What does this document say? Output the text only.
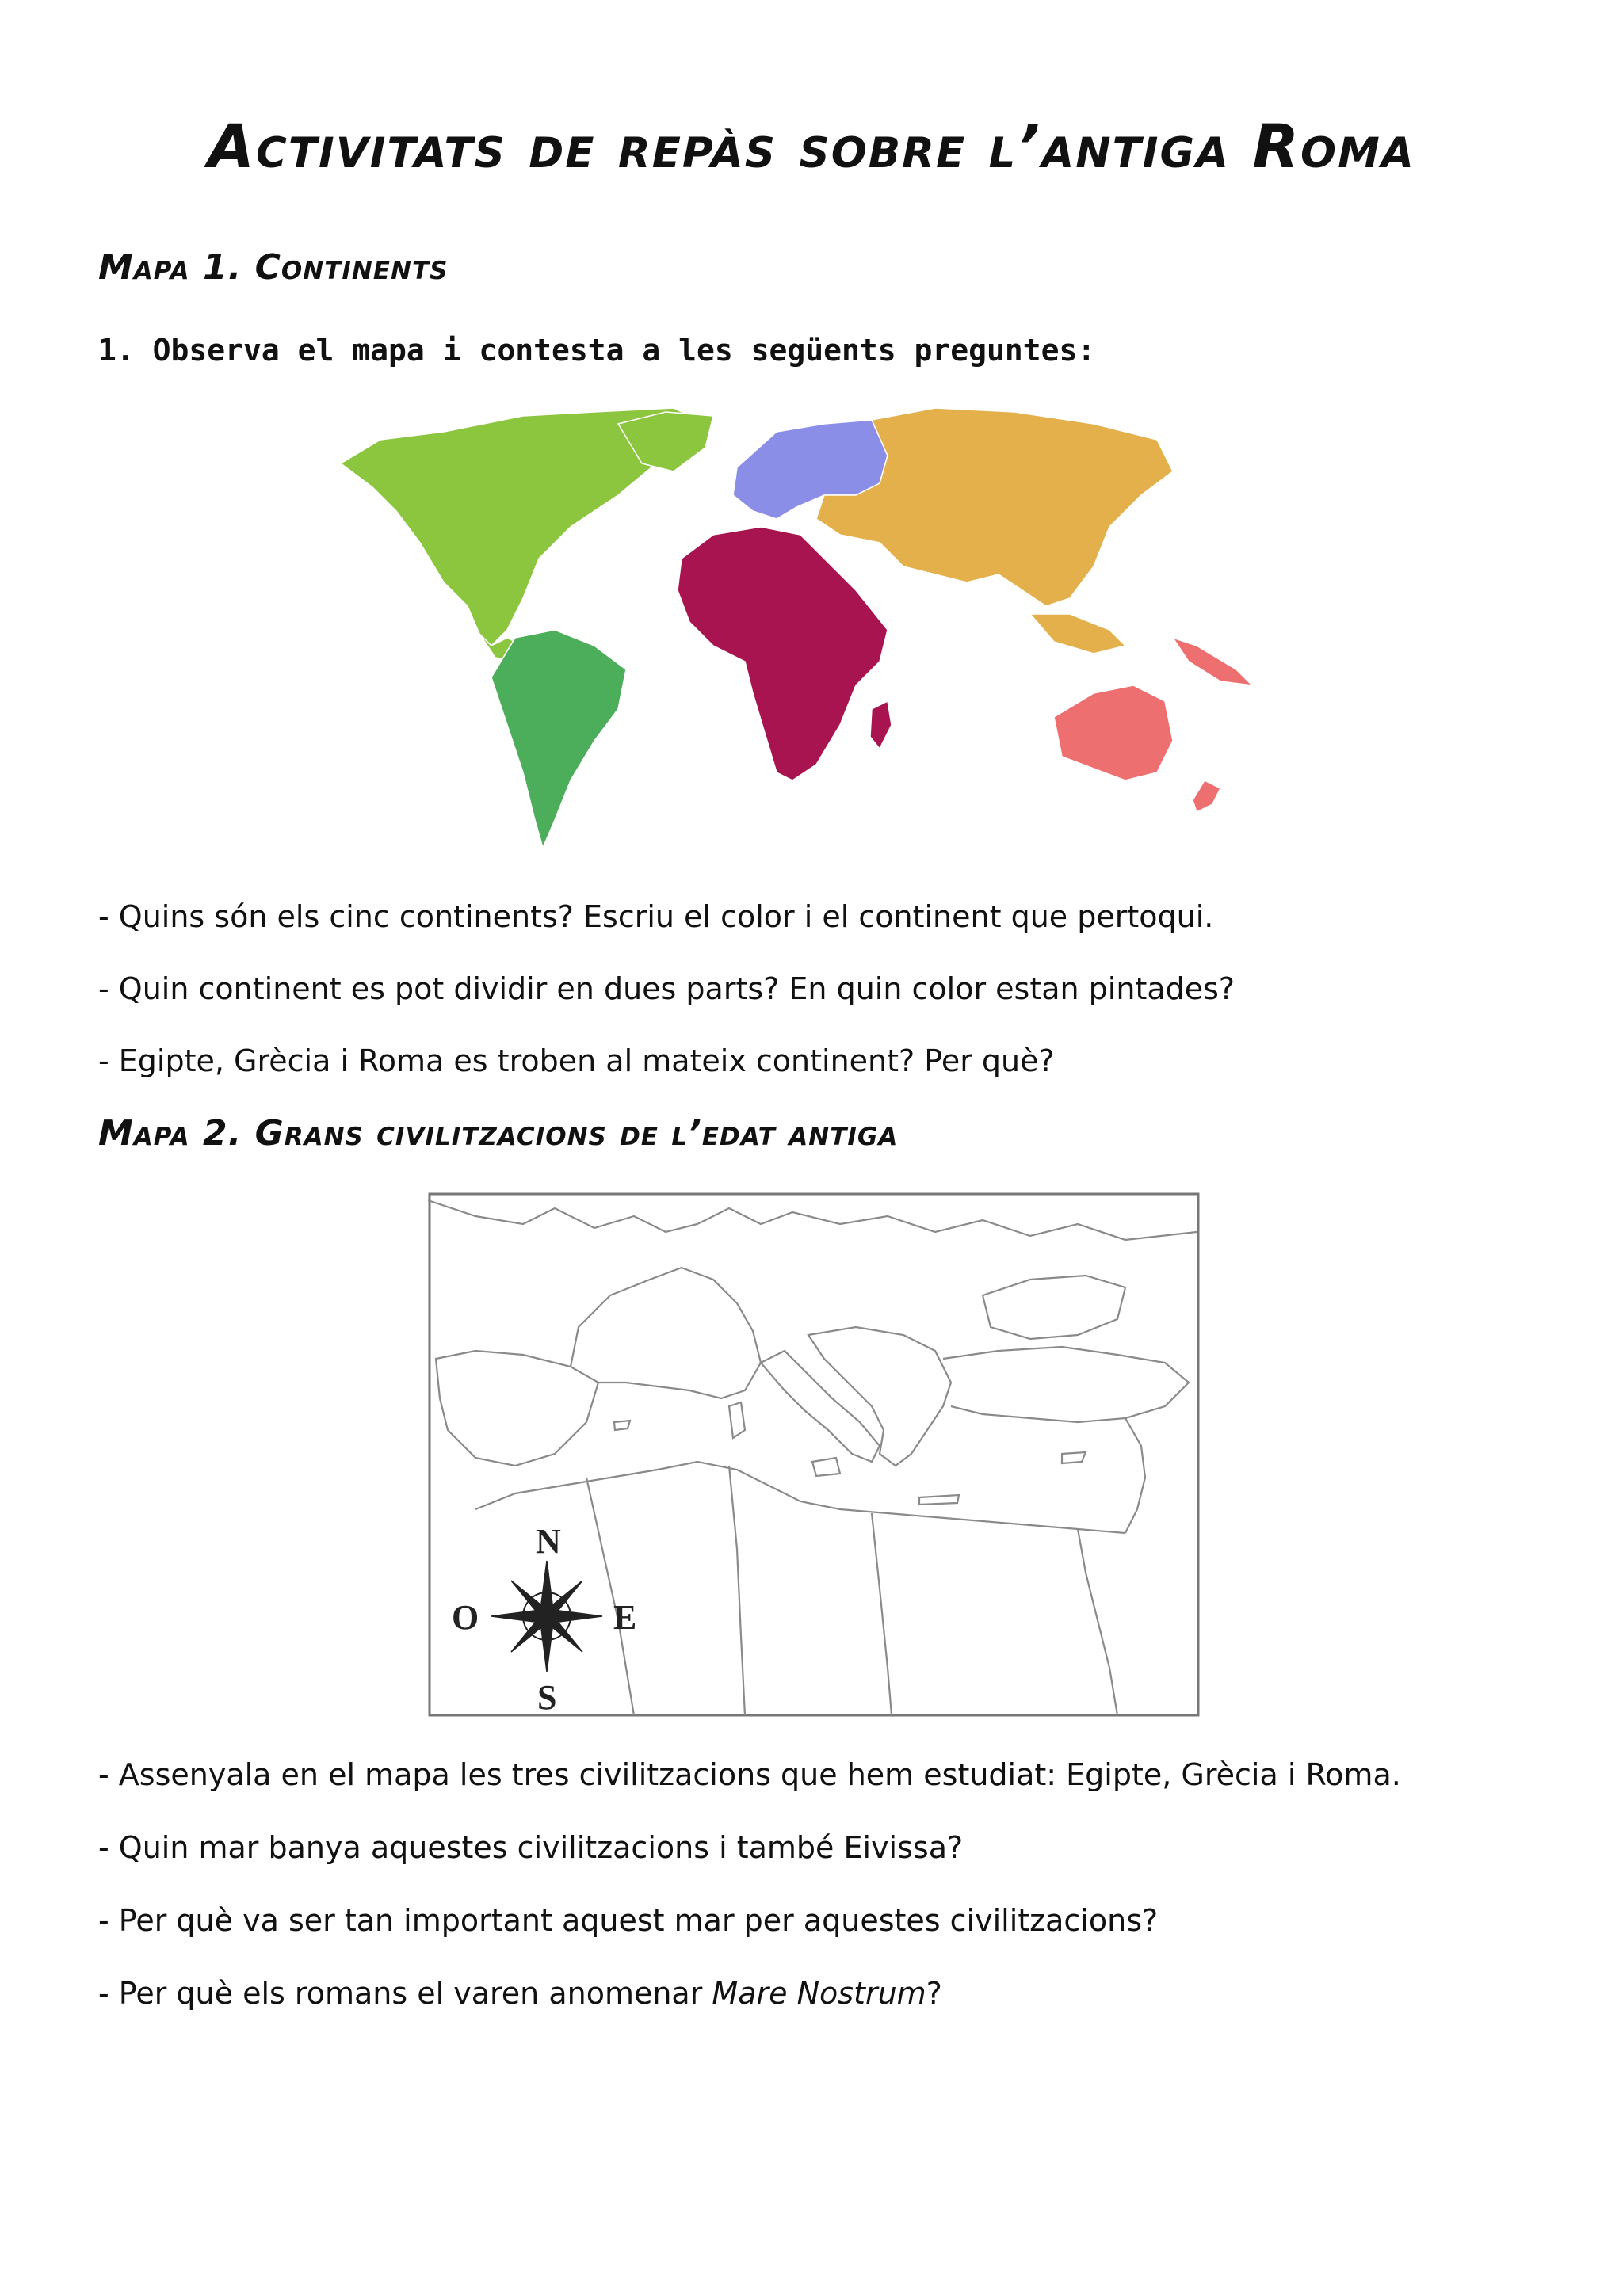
Activitats de repàs sobre l’antiga Roma
Mapa 1. Continents
1. Observa el mapa i contesta a les següents preguntes:
- Quins són els cinc continents? Escriu el color i el continent que pertoqui.
- Quin continent es pot dividir en dues parts? En quin color estan pintades?
- Egipte, Grècia i Roma es troben al mateix continent? Per què?
Mapa 2. Grans civilitzacions de l’edat antiga
N
S
E
O
- Assenyala en el mapa les tres civilitzacions que hem estudiat: Egipte, Grècia i Roma.
- Quin mar banya aquestes civilitzacions i també Eivissa?
- Per què va ser tan important aquest mar per aquestes civilitzacions?
- Per què els romans el varen anomenar Mare Nostrum?
